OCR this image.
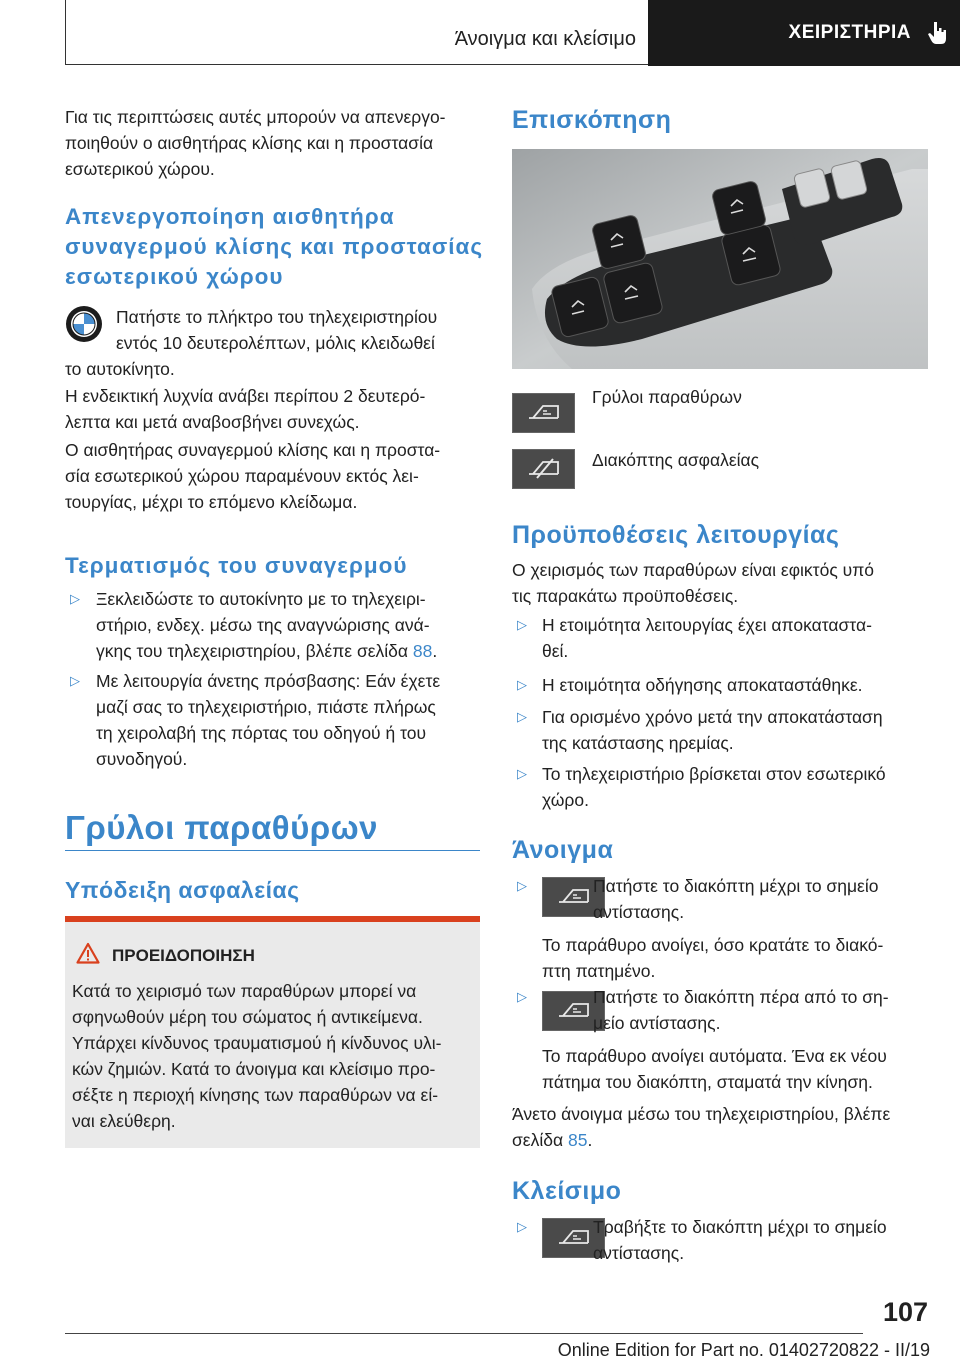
Άνοιγμα και κλείσιμο	ΧΕΙΡΙΣΤΗΡΙΑ
Για τις περιπτώσεις αυτές μπορούν να απενεργο-
ποιηθούν ο αισθητήρας κλίσης και η προστασία
εσωτερικού χώρου.
Απενεργοποίηση αισθητήρα
συναγερμού κλίσης και προστασίας
εσωτερικού χώρου
Πατήστε το πλήκτρο του τηλεχειριστηρίου
εντός 10 δευτερολέπτων, μόλις κλειδωθεί
το αυτοκίνητο.
Η ενδεικτική λυχνία ανάβει περίπου 2 δευτερό-
λεπτα και μετά αναβοσβήνει συνεχώς.
Ο αισθητήρας συναγερμού κλίσης και η προστα-
σία εσωτερικού χώρου παραμένουν εκτός λει-
τουργίας, μέχρι το επόμενο κλείδωμα.
Τερματισμός του συναγερμού
▷ Ξεκλειδώστε το αυτοκίνητο με το τηλεχειρι-
στήριο, ενδεχ. μέσω της αναγνώρισης ανά-
γκης του τηλεχειριστηρίου, βλέπε σελίδα 88.
▷ Με λειτουργία άνετης πρόσβασης: Εάν έχετε
μαζί σας το τηλεχειριστήριο, πιάστε πλήρως
τη χειρολαβή της πόρτας του οδηγού ή του
συνοδηγού.
Γρύλοι παραθύρων
Υπόδειξη ασφαλείας
ΠΡΟΕΙΔΟΠΟΙΗΣΗ
Κατά το χειρισμό των παραθύρων μπορεί να
σφηνωθούν μέρη του σώματος ή αντικείμενα.
Υπάρχει κίνδυνος τραυματισμού ή κίνδυνος υλι-
κών ζημιών. Κατά το άνοιγμα και κλείσιμο προ-
σέξτε η περιοχή κίνησης των παραθύρων να εί-
ναι ελεύθερη.
Επισκόπηση
Γρύλοι παραθύρων
Διακόπτης ασφαλείας
Προϋποθέσεις λειτουργίας
Ο χειρισμός των παραθύρων είναι εφικτός υπό
τις παρακάτω προϋποθέσεις.
▷ Η ετοιμότητα λειτουργίας έχει αποκαταστα-
θεί.
▷ Η ετοιμότητα οδήγησης αποκαταστάθηκε.
▷ Για ορισμένο χρόνο μετά την αποκατάσταση
της κατάστασης ηρεμίας.
▷ Το τηλεχειριστήριο βρίσκεται στον εσωτερικό
χώρο.
Άνοιγμα
▷	Πατήστε το διακόπτη μέχρι το σημείο
αντίστασης.
Το παράθυρο ανοίγει, όσο κρατάτε το διακό-
πτη πατημένο.
▷	Πατήστε το διακόπτη πέρα από το ση-
μείο αντίστασης.
Το παράθυρο ανοίγει αυτόματα. Ένα εκ νέου
πάτημα του διακόπτη, σταματά την κίνηση.
Άνετο άνοιγμα μέσω του τηλεχειριστηρίου, βλέπε
σελίδα 85.
Κλείσιμο
▷	Τραβήξτε το διακόπτη μέχρι το σημείο
αντίστασης.
107
Online Edition for Part no. 01402720822 - II/19
